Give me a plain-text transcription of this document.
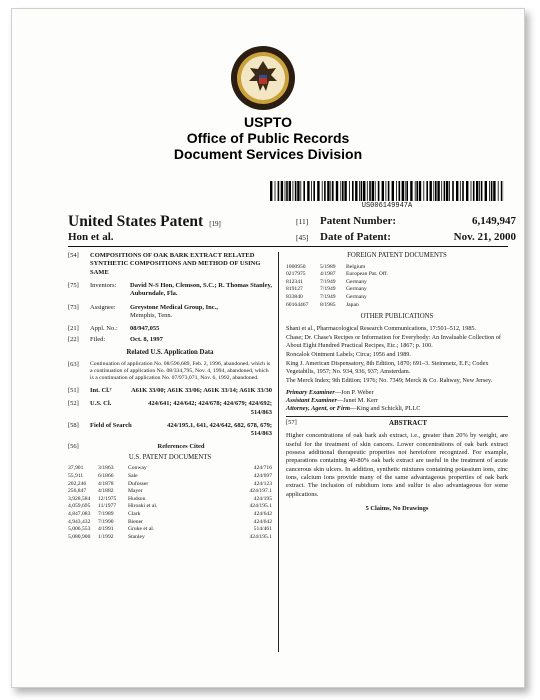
USPTO
Office of Public Records
Document Services Division
US006149947A
United States Patent [19]
Hon et al.
[11] Patent Number:	6,149,947
[45] Date of Patent:	Nov. 21, 2000
[54]	COMPOSITIONS OF OAK BARK EXTRACT RELATED SYNTHETIC COMPOSITIONS AND METHOD OF USING SAME
[75]	Inventors:	David N-S Hon, Clemson, S.C.; R. Thomas Stanley, Auburndale, Fla.
[73]	Assignee:	Greystone Medical Group, Inc.,
Memphis, Tenn.
[21]	Appl. No.:	08/947,055
[22]	Filed:	Oct. 8, 1997
Related U.S. Application Data
[63]	Continuation of application No. 08/596,689, Feb. 2, 1996, abandoned, which is a continuation of application No. 08/334,795, Nov. 4, 1994, abandoned, which is a continuation of application No. 07/973,071, Nov. 6, 1992, abandoned.
[51]	Int. Cl.⁷	A61K 33/00; A61K 33/06; A61K 33/14; A61K 33/30
[52]	U.S. Cl.	424/641; 424/642; 424/678; 424/679; 424/692; 514/863
[58]	Field of Search	424/195.1, 641, 424/642, 682, 678, 679; 514/863
[56]	References Cited
U.S. PATENT DOCUMENTS
37,901	3/1863	Conway	424/716
55,911	6/1866	Sale	424/697
202,246	4/1878	Dufosser	424/123
256,847	4/1882	Mayer	424/197.1
3,928,584	12/1975	Hudson	424/195
4,059,695	11/1977	Hiroaki et al.	424/195.1
4,847,083	7/1989	Clark	424/642
4,943,432	7/1990	Biener	424/642
5,006,553	4/1991	Gruke et al.	514/461
5,080,900	1/1992	Stanley	424/195.1
FOREIGN PATENT DOCUMENTS
1000950	5/1989	Belgium
0217975	4/1987	European Pat. Off.
812341	7/1949	Germany
819127	7/1949	Germany
833840	7/1949	Germany
60164467	8/1985	Japan
OTHER PUBLICATIONS

Shani et al., Pharmacological Research Communications, 17:501–512, 1985.

Chase; Dr. Chase's Recipes or Information for Everybody: An Invaluable Collection of About Eight Hundred Practical Recipes, Etc.; 1867; p. 100.

Roncalok Ointment Labels; Circa; 1956 and 1989.

King J. American Dispensatory, 8th Edition, 1870; 691–3. Steinmetz, E.F.; Codex Vegetabilis, 1957; No. 934, 936, 937; Amsterdam.

The Merck Index; 9th Edition; 1976; No. 7349; Merck & Co. Rahway, New Jersey.

Primary Examiner—Jon P. Weber
Assistant Examiner—Janet M. Kerr
Attorney, Agent, or Firm—King and Schickli, PLLC
[57]	ABSTRACT
Higher concentrations of oak bark ash extract, i.e., greater than 20% by weight, are useful for the treatment of skin cancers. Lower concentrations of oak bark extract possess additional therapeutic properties not heretofore recognized. For example, preparations containing 40-80% oak bark extract are useful in the treatment of acute cancerous skin ulcers. In addition, synthetic mixtures containing potassium ions, zinc ions, calcium ions provide many of the same advantageous properties of oak bark extract. The inclusion of rubidium ions and sulfur is also advantageous for some applications.
5 Claims, No Drawings
